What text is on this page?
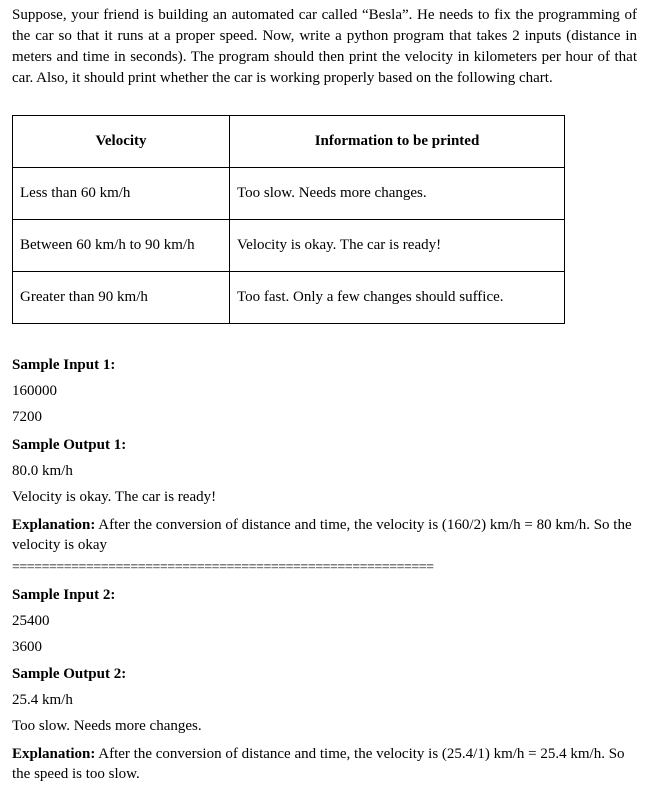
Suppose, your friend is building an automated car called “Besla”. He needs to fix the programming of the car so that it runs at a proper speed. Now, write a python program that takes 2 inputs (distance in meters and time in seconds). The program should then print the velocity in kilometers per hour of that car. Also, it should print whether the car is working properly based on the following chart.

Velocity	Information to be printed
Less than 60 km/h	Too slow. Needs more changes.
Between 60 km/h to 90 km/h	Velocity is okay. The car is ready!
Greater than 90 km/h	Too fast. Only a few changes should suffice.

Sample Input 1:

160000

7200

Sample Output 1:

80.0 km/h

Velocity is okay. The car is ready!

Explanation: After the conversion of distance and time, the velocity is (160/2) km/h = 80 km/h. So the velocity is okay

=========================================================

Sample Input 2:

25400

3600

Sample Output 2:

25.4 km/h

Too slow. Needs more changes.

Explanation: After the conversion of distance and time, the velocity is (25.4/1) km/h = 25.4 km/h. So the speed is too slow.
